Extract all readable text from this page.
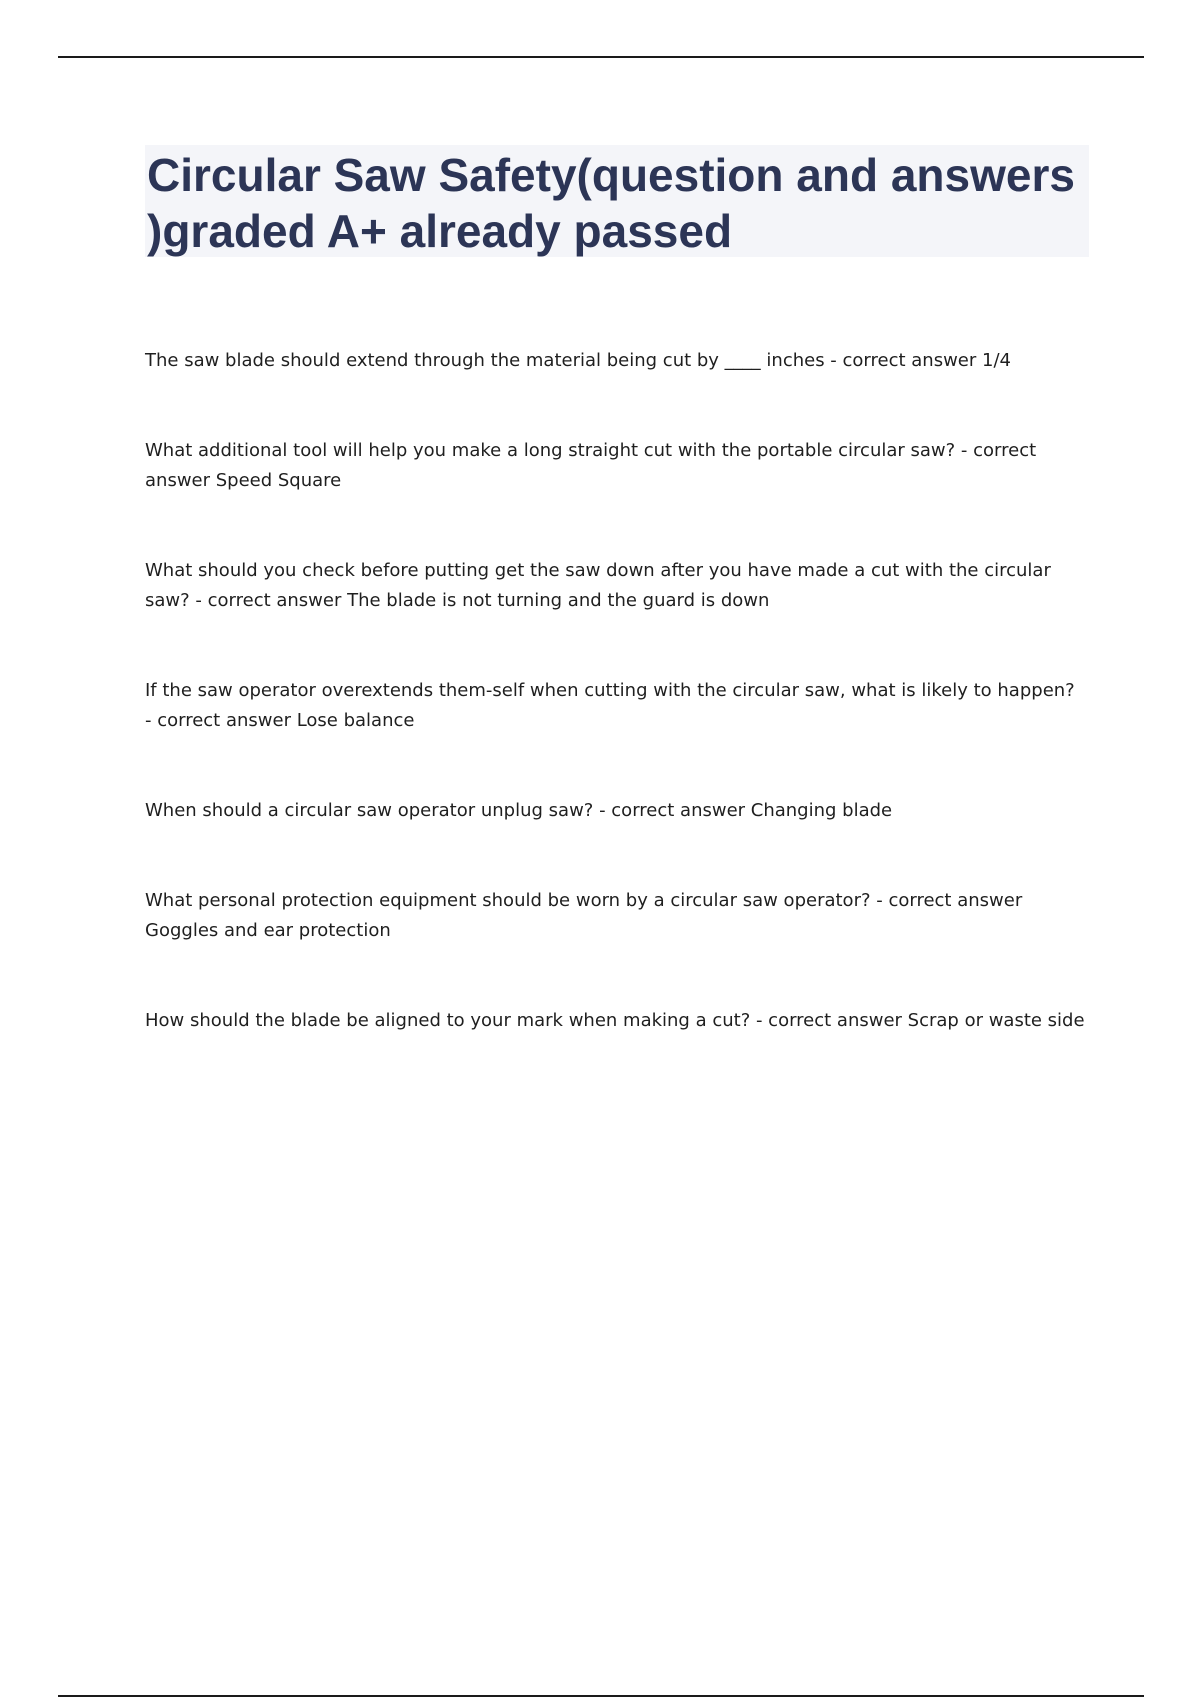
Circular Saw Safety(question and answers )graded A+ already passed
The saw blade should extend through the material being cut by ____ inches - correct answer 1/4
What additional tool will help you make a long straight cut with the portable circular saw? - correct answer Speed Square
What should you check before putting get the saw down after you have made a cut with the circular saw? - correct answer The blade is not turning and the guard is down
If the saw operator overextends them-self when cutting with the circular saw, what is likely to happen? - correct answer Lose balance
When should a circular saw operator unplug saw? - correct answer Changing blade
What personal protection equipment should be worn by a circular saw operator? - correct answer Goggles and ear protection
How should the blade be aligned to your mark when making a cut? - correct answer Scrap or waste side
